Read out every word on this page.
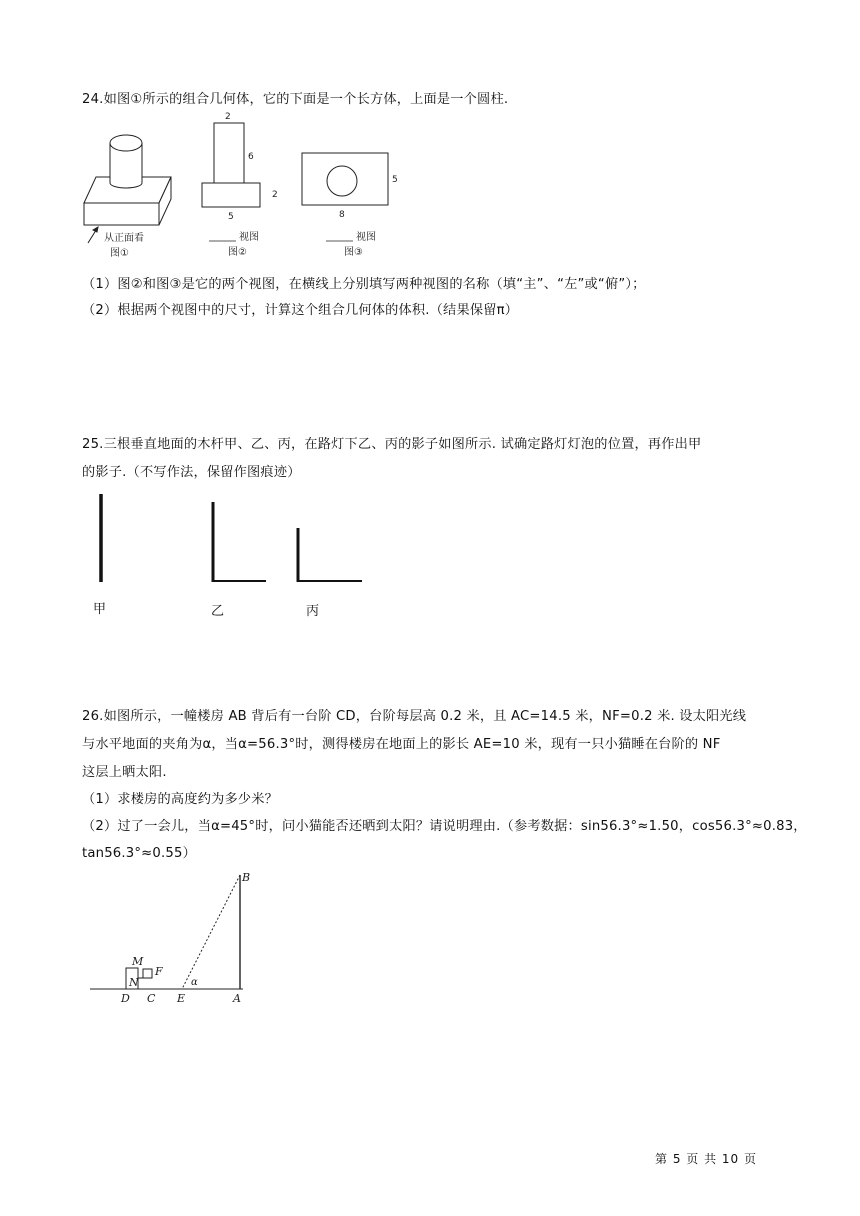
24.如图①所示的组合几何体，它的下面是一个长方体，上面是一个圆柱.
从正面看
图①
2
6
2
5
视图
图②
5
8
视图
图③
（1）图②和图③是它的两个视图，在横线上分别填写两种视图的名称（填“主”、“左”或“俯”）；
（2）根据两个视图中的尺寸，计算这个组合几何体的体积.（结果保留π）
25.三根垂直地面的木杆甲、乙、丙，在路灯下乙、丙的影子如图所示. 试确定路灯灯泡的位置，再作出甲
的影子.（不写作法，保留作图痕迹）
甲	乙	丙
26.如图所示，一幢楼房 AB 背后有一台阶 CD，台阶每层高 0.2 米，且 AC=14.5 米，NF=0.2 米. 设太阳光线
与水平地面的夹角为α，当α=56.3°时，测得楼房在地面上的影长 AE=10 米，现有一只小猫睡在台阶的 NF
这层上晒太阳.
（1）求楼房的高度约为多少米？
（2）过了一会儿，当α=45°时，问小猫能否还晒到太阳？请说明理由.（参考数据：sin56.3°≈1.50，cos56.3°≈0.83，
tan56.3°≈0.55）
B
M
F
N
D C E	A
α
第 5 页 共 10 页
